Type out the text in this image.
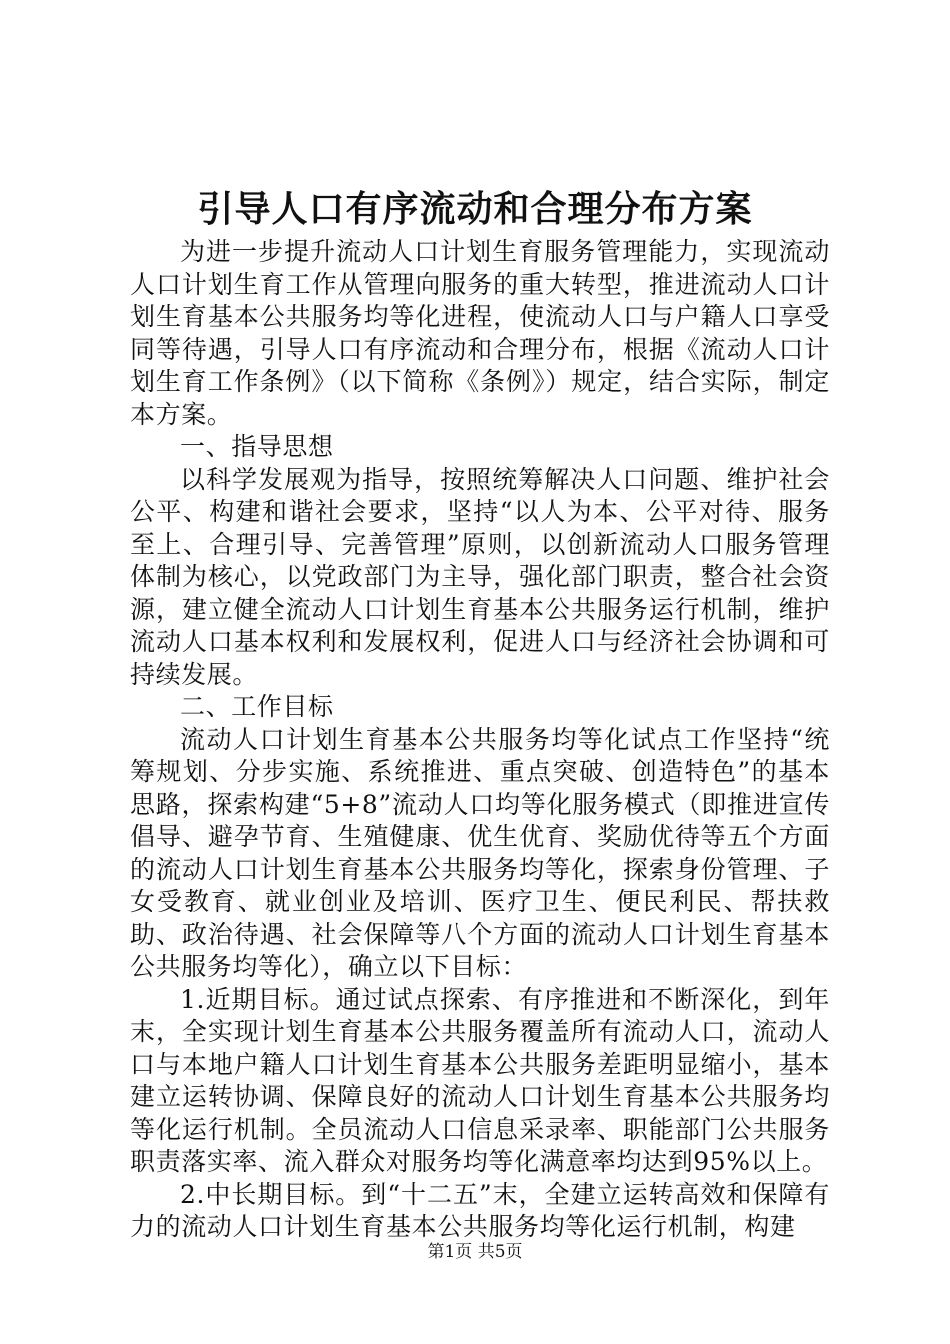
引导人口有序流动和合理分布方案

为进一步提升流动人口计划生育服务管理能力，实现流动人口计划生育工作从管理向服务的重大转型，推进流动人口计划生育基本公共服务均等化进程，使流动人口与户籍人口享受同等待遇，引导人口有序流动和合理分布，根据《流动人口计划生育工作条例》（以下简称《条例》）规定，结合实际，制定本方案。

一、指导思想

以科学发展观为指导，按照统筹解决人口问题、维护社会公平、构建和谐社会要求，坚持“以人为本、公平对待、服务至上、合理引导、完善管理”原则，以创新流动人口服务管理体制为核心，以党政部门为主导，强化部门职责，整合社会资源，建立健全流动人口计划生育基本公共服务运行机制，维护流动人口基本权利和发展权利，促进人口与经济社会协调和可持续发展。

二、工作目标

流动人口计划生育基本公共服务均等化试点工作坚持“统筹规划、分步实施、系统推进、重点突破、创造特色”的基本思路，探索构建“5+8”流动人口均等化服务模式（即推进宣传倡导、避孕节育、生殖健康、优生优育、奖励优待等五个方面的流动人口计划生育基本公共服务均等化，探索身份管理、子女受教育、就业创业及培训、医疗卫生、便民利民、帮扶救助、政治待遇、社会保障等八个方面的流动人口计划生育基本公共服务均等化），确立以下目标：

1.近期目标。通过试点探索、有序推进和不断深化，到年末，全实现计划生育基本公共服务覆盖所有流动人口，流动人口与本地户籍人口计划生育基本公共服务差距明显缩小，基本建立运转协调、保障良好的流动人口计划生育基本公共服务均等化运行机制。全员流动人口信息采录率、职能部门公共服务职责落实率、流入群众对服务均等化满意率均达到95%以上。

2.中长期目标。到“十二五”末，全建立运转高效和保障有力的流动人口计划生育基本公共服务均等化运行机制，构建

第1页 共5页
